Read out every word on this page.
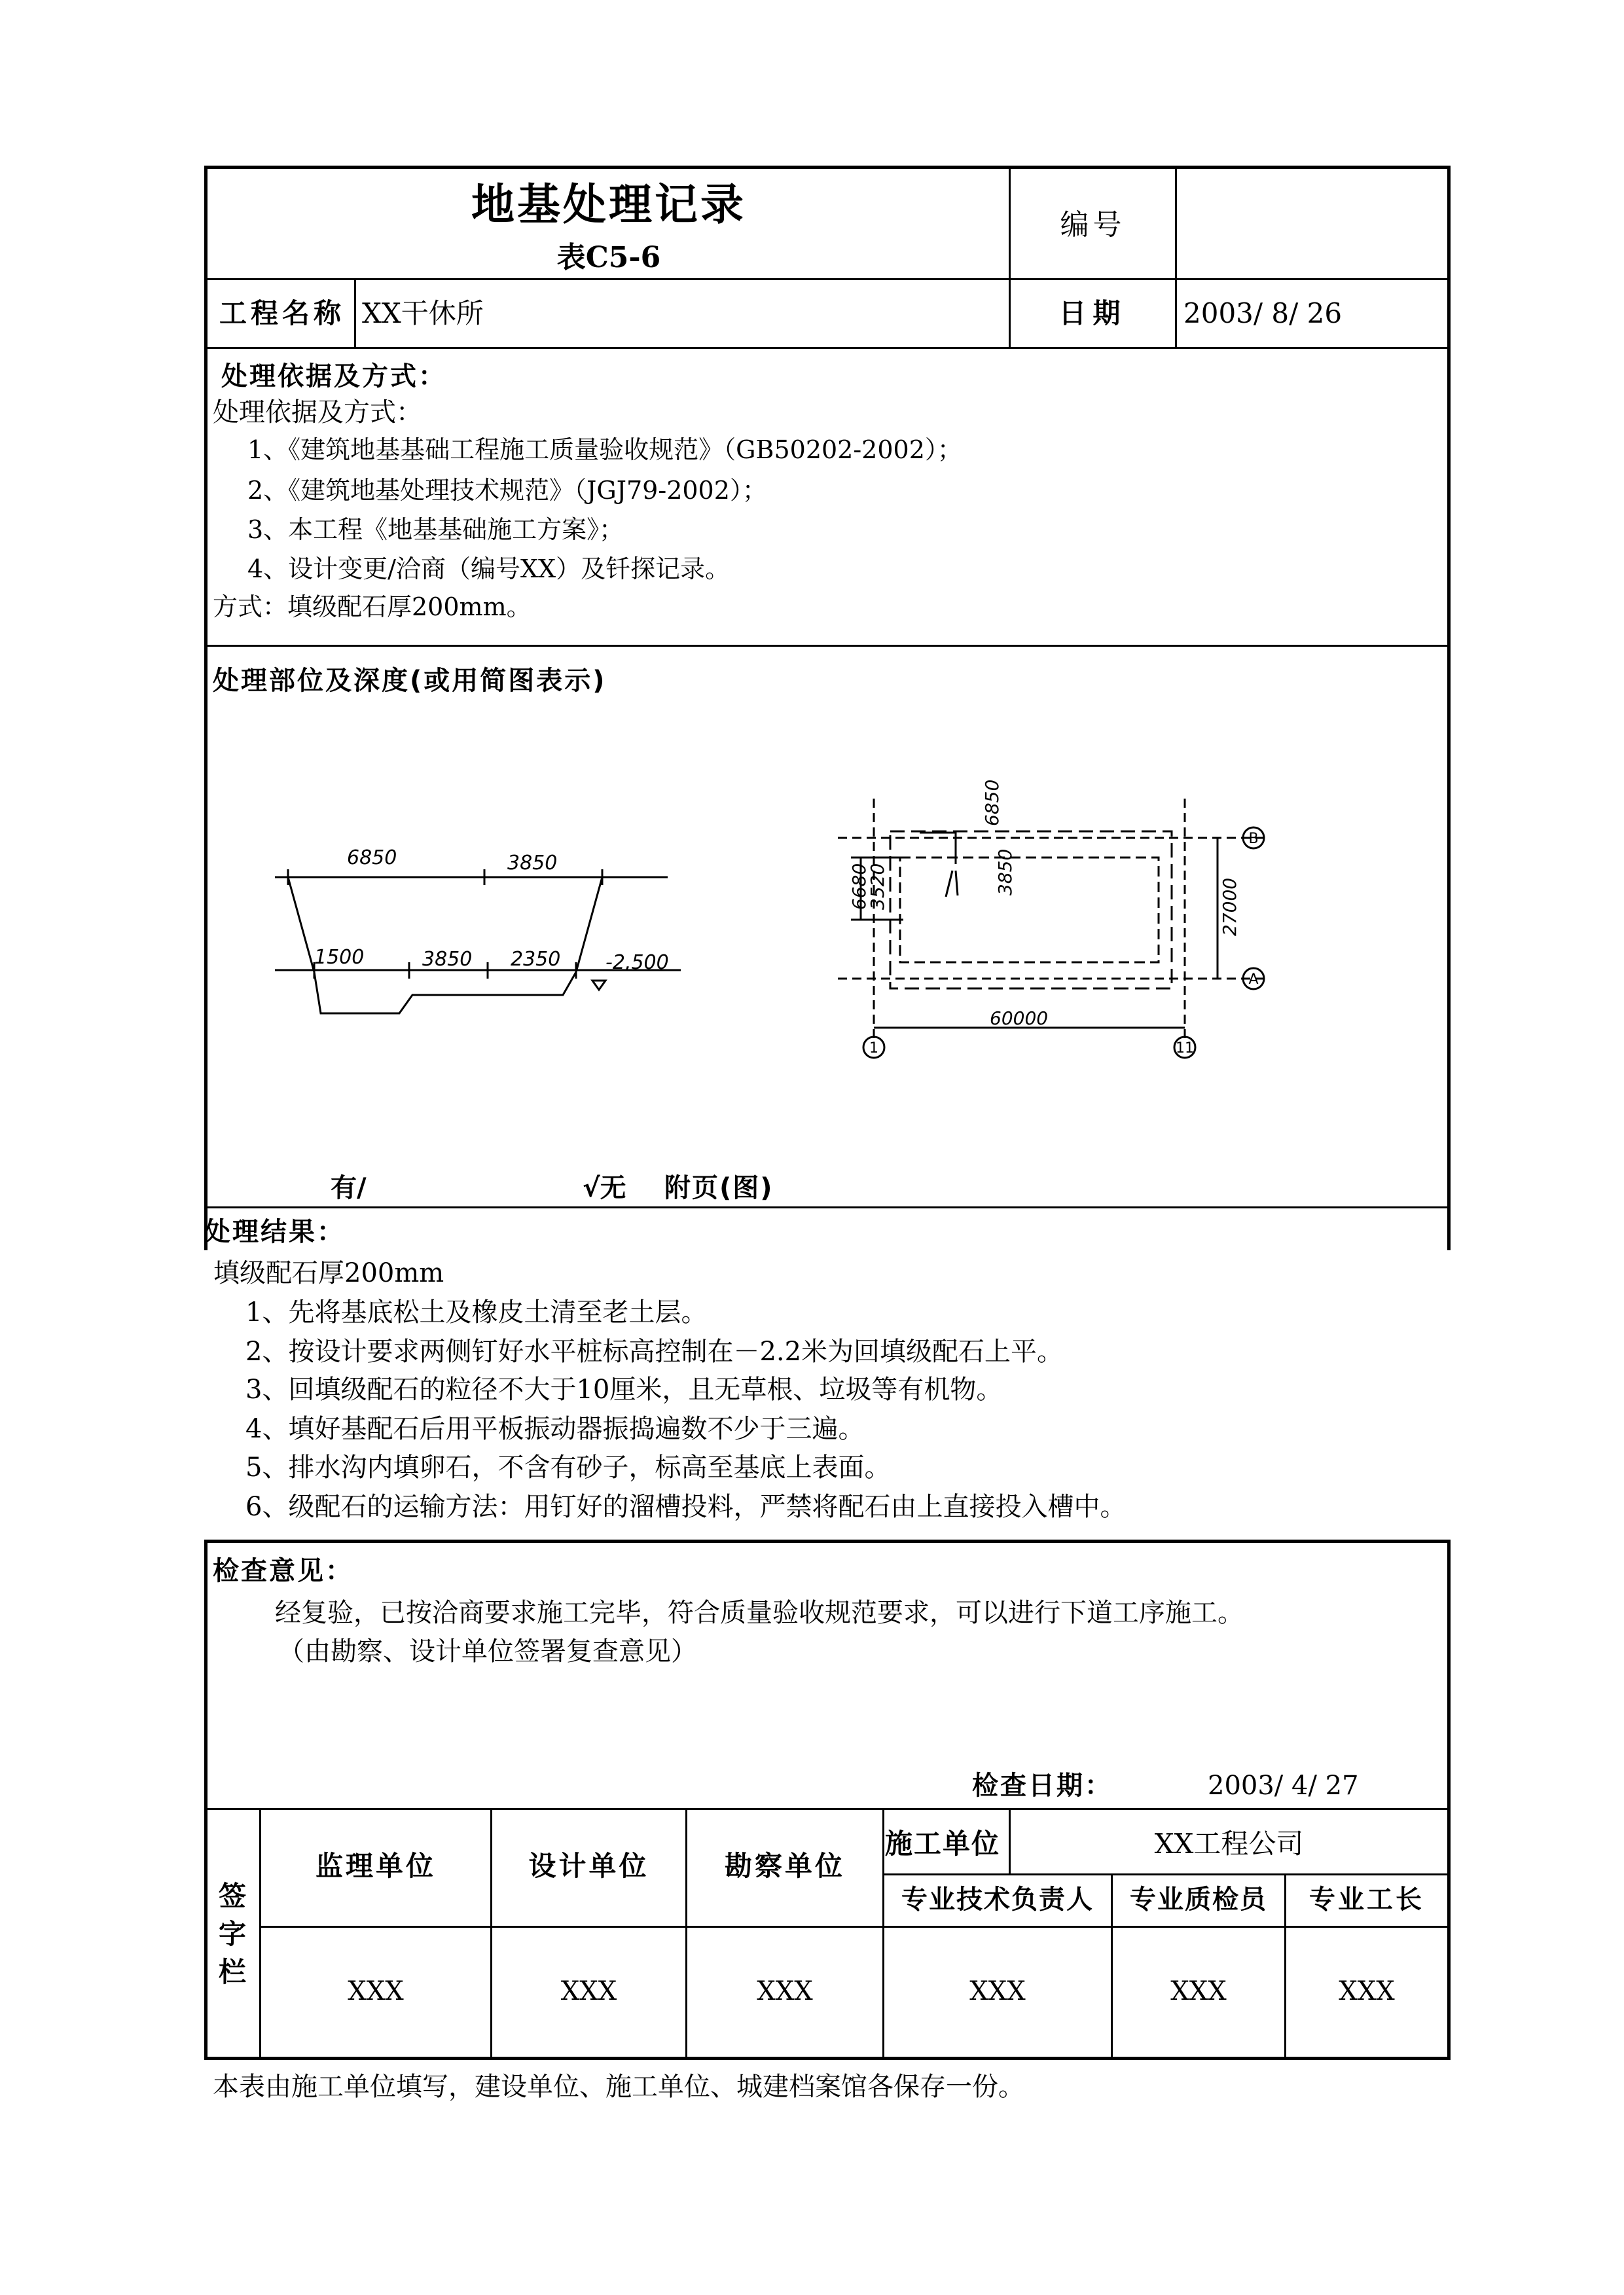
地基处理记录
表C5-6
编号
工程名称 XX干休所	日期	2003/ 8/ 26
处理依据及方式：
处理依据及方式：
1、《建筑地基基础工程施工质量验收规范》（GB50202-2002）；
2、《建筑地基处理技术规范》（JGJ79-2002）；
3、本工程《地基基础施工方案》；
4、设计变更/洽商（编号XX）及钎探记录。
方式：填级配石厚200mm。
处理部位及深度(或用简图表示)
6850	3850
1500	3850 2350 -2,500
6850
3850
6680
3520	27000
60000
B
A
1	11
有/	√无 附页(图)
处理结果：
填级配石厚200mm
1、先将基底松土及橡皮土清至老土层。
2、按设计要求两侧钉好水平桩标高控制在－2.2米为回填级配石上平。
3、回填级配石的粒径不大于10厘米，且无草根、垃圾等有机物。
4、填好基配石后用平板振动器振捣遍数不少于三遍。
5、排水沟内填卵石，不含有砂子，标高至基底上表面。
6、级配石的运输方法：用钉好的溜槽投料，严禁将配石由上直接投入槽中。
检查意见：
经复验，已按洽商要求施工完毕，符合质量验收规范要求，可以进行下道工序施工。
（由勘察、设计单位签署复查意见）
检查日期：	2003/ 4/ 27
签字栏
监理单位	设计单位	勘察单位
施工单位	XX工程公司
专业技术负责人	专业质检员	专业工长
XXX	XXX	XXX	XXX	XXX	XXX
本表由施工单位填写，建设单位、施工单位、城建档案馆各保存一份。
